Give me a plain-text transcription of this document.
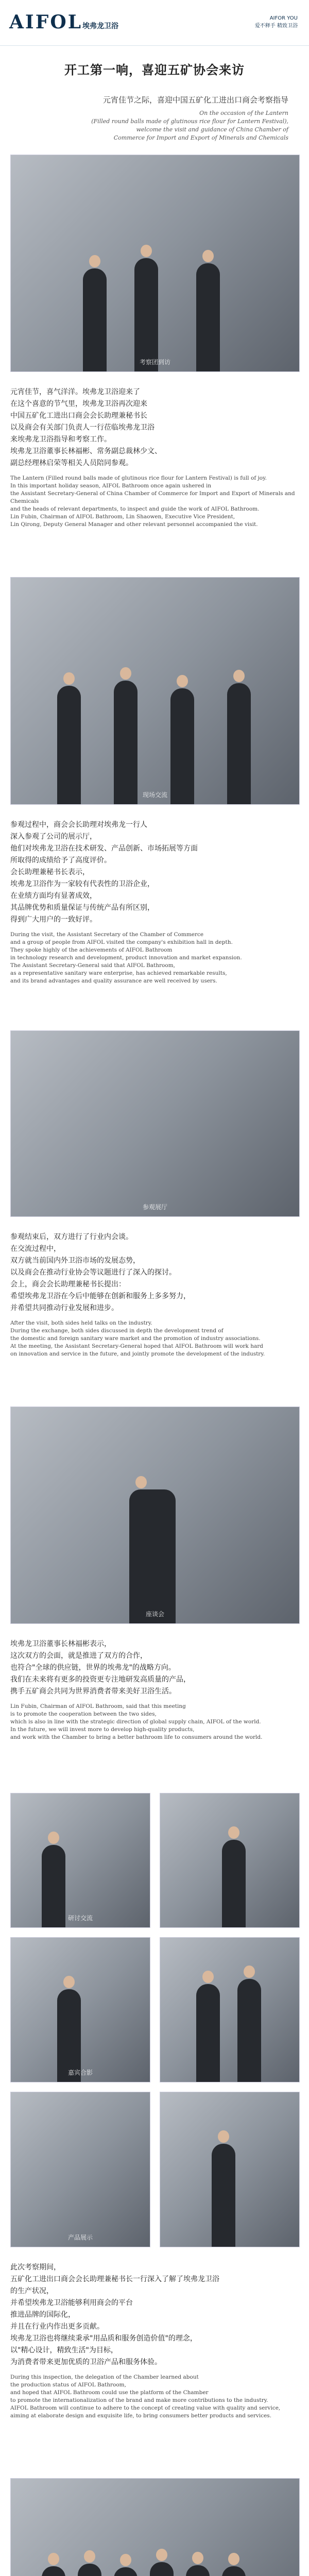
AIFOL 埃弗龙卫浴
AIFOR YOU
爱不释手 精致卫浴
开工第一响，喜迎五矿协会来访
元宵佳节之际，喜迎中国五矿化工进出口商会考察指导
On the occasion of the Lantern
(Filled round balls made of glutinous rice flour for Lantern Festival),
welcome the visit and guidance of China Chamber of
Commerce for Import and Export of Minerals and Chemicals
考察团到访
元宵佳节，喜气洋洋。埃弗龙卫浴迎来了
在这个喜意的节气里，埃弗龙卫浴再次迎来
中国五矿化工进出口商会会长助理兼秘书长
以及商会有关部门负责人一行莅临埃弗龙卫浴
来埃弗龙卫浴指导和考察工作。
埃弗龙卫浴董事长林福彬、常务副总裁林少文、
副总经理林启荣等相关人员陪同参观。
The Lantern (Filled round balls made of glutinous rice flour for Lantern Festival) is full of joy.
In this important holiday season, AIFOL Bathroom once again ushered in
the Assistant Secretary-General of China Chamber of Commerce for Import and Export of Minerals and Chemicals
and the heads of relevant departments, to inspect and guide the work of AIFOL Bathroom.
Lin Fubin, Chairman of AIFOL Bathroom, Lin Shaowen, Executive Vice President,
Lin Qirong, Deputy General Manager and other relevant personnel accompanied the visit.
现场交流
参观过程中，商会会长助理对埃弗龙一行人
深入参观了公司的展示厅，
他们对埃弗龙卫浴在技术研发、产品创新、市场拓展等方面
所取得的成绩给予了高度评价。
会长助理兼秘书长表示，
埃弗龙卫浴作为一家较有代表性的卫浴企业，
在业绩方面均有显著成效，
其品牌优势和质量保证与传统产品有所区别，
得到广大用户的一致好评。
During the visit, the Assistant Secretary of the Chamber of Commerce
and a group of people from AIFOL visited the company's exhibition hall in depth.
They spoke highly of the achievements of AIFOL Bathroom
in technology research and development, product innovation and market expansion.
The Assistant Secretary-General said that AIFOL Bathroom,
as a representative sanitary ware enterprise, has achieved remarkable results,
and its brand advantages and quality assurance are well received by users.
参观展厅
参观结束后，双方进行了行业内会谈。
在交流过程中，
双方就当前国内外卫浴市场的发展态势，
以及商会在推动行业协会等议题进行了深入的探讨。
会上，商会会长助理兼秘书长提出：
希望埃弗龙卫浴在今后中能够在创新和服务上多多努力，
并希望共同推动行业发展和进步。
After the visit, both sides held talks on the industry.
During the exchange, both sides discussed in depth the development trend of
the domestic and foreign sanitary ware market and the promotion of industry associations.
At the meeting, the Assistant Secretary-General hoped that AIFOL Bathroom will work hard
on innovation and service in the future, and jointly promote the development of the industry.
座谈会
埃弗龙卫浴董事长林福彬表示，
这次双方的会面，就是推进了双方的合作，
也符合"全球的供应链，世界的埃弗龙"的战略方向。
我们在未来将有更多的投资更专注地研发高质量的产品，
携手五矿商会共同为世界消费者带来美好卫浴生活。
Lin Fubin, Chairman of AIFOL Bathroom, said that this meeting
is to promote the cooperation between the two sides,
which is also in line with the strategic direction of global supply chain, AIFOL of the world.
In the future, we will invest more to develop high-quality products,
and work with the Chamber to bring a better bathroom life to consumers around the world.
研讨交流
嘉宾合影
产品展示
此次考察期间，
五矿化工进出口商会会长助理兼秘书长一行深入了解了埃弗龙卫浴
的生产状况，
并希望埃弗龙卫浴能够利用商会的平台
推进品牌的国际化，
并且在行业内作出更多贡献。
埃弗龙卫浴也将继续秉承"用品质和服务创造价值"的理念，
以"精心设计，精致生活"为目标，
为消费者带来更加优质的卫浴产品和服务体验。
During this inspection, the delegation of the Chamber learned about
the production status of AIFOL Bathroom,
and hoped that AIFOL Bathroom could use the platform of the Chamber
to promote the internationalization of the brand and make more contributions to the industry.
AIFOL Bathroom will continue to adhere to the concept of creating value with quality and service,
aiming at elaborate design and exquisite life, to bring consumers better products and services.
